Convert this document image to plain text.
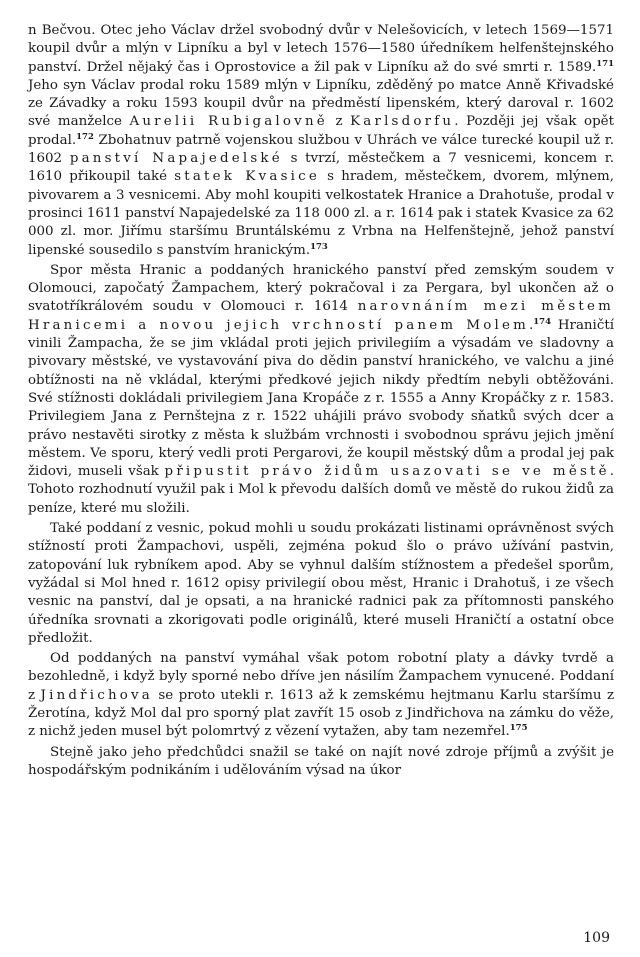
n Bečvou. Otec jeho Václav držel svobodný dvůr v Nelešovicích, v letech 1569—1571 koupil dvůr a mlýn v Lipníku a byl v letech 1576—1580 úředníkem helfenštejnského panství. Držel nějaký čas i Oprostovice a žil pak v Lipníku až do své smrti r. 1589.$^{171}$ Jeho syn Václav prodal roku 1589 mlýn v Lipníku, zděděný po matce Anně Křivadské ze Závadky a roku 1593 koupil dvůr na předměstí lipenském, který daroval r. 1602 své manželce Aurelii Rubigalovně z Karlsdorfu. Později jej však opět prodal.$^{172}$ Zbohatnuv patrně vojenskou službou v Uhrách ve válce turecké koupil už r. 1602 panství Napajedelské s tvrzí, městečkem a 7 vesnicemi, koncem r. 1610 přikoupil také statek Kvasice s hradem, městečkem, dvorem, mlýnem, pivovarem a 3 vesnicemi. Aby mohl koupiti velkostatek Hranice a Drahotuše, prodal v prosinci 1611 panství Napajedelské za 118 000 zl. a r. 1614 pak i statek Kvasice za 62 000 zl. mor. Jiřímu staršímu Bruntálskému z Vrbna na Helfenštejně, jehož panství lipenské sousedilo s panstvím hranickým.$^{173}$

Spor města Hranic a poddaných hranického panství před zemským soudem v Olomouci, započatý Žampachem, který pokračoval i za Pergara, byl ukončen až o svatotříkrálovém soudu v Olomouci r. 1614 narovnáním mezi městem Hranicemi a novou jejich vrchností panem Molem.$^{174}$ Hraničtí vinili Žampacha, že se jim vkládal proti jejich privilegiím a výsadám ve sladovny a pivovary městské, ve vystavování piva do dědin panství hranického, ve valchu a jiné obtížnosti na ně vkládal, kterými předkové jejich nikdy předtím nebyli obtěžováni. Své stížnosti dokládali privilegiem Jana Kropáče z r. 1555 a Anny Kropáčky z r. 1583. Privilegiem Jana z Pernštejna z r. 1522 uhájili právo svobody sňatků svých dcer a právo nestavěti sirotky z města k službám vrchnosti i svobodnou správu jejich jmění městem. Ve sporu, který vedli proti Pergarovi, že koupil městský dům a prodal jej pak židovi, museli však připustit právo židům usazovati se ve městě. Tohoto rozhodnutí využil pak i Mol k převodu dalších domů ve městě do rukou židů za peníze, které mu složili.

Také poddaní z vesnic, pokud mohli u soudu prokázati listinami oprávněnost svých stížností proti Žampachovi, uspěli, zejména pokud šlo o právo užívání pastvin, zatopování luk rybníkem apod. Aby se vyhnul dalším stížnostem a předešel sporům, vyžádal si Mol hned r. 1612 opisy privilegií obou měst, Hranic i Drahotuš, i ze všech vesnic na panství, dal je opsati, a na hranické radnici pak za přítomnosti panského úředníka srovnati a zkorigovati podle originálů, které museli Hraničtí a ostatní obce předložit.

Od poddaných na panství vymáhal však potom robotní platy a dávky tvrdě a bezohledně, i když byly sporné nebo dříve jen násilím Žampachem vynucené. Poddaní z Jindřichova se proto utekli r. 1613 až k zemskému hejtmanu Karlu staršímu z Žerotína, když Mol dal pro sporný plat zavřít 15 osob z Jindřichova na zámku do věže, z nichž jeden musel být polomrtvý z vězení vytažen, aby tam nezemřel.$^{175}$

Stejně jako jeho předchůdci snažil se také on najít nové zdroje příjmů a zvýšit je hospodářským podnikáním i udělováním výsad na úkor

109
